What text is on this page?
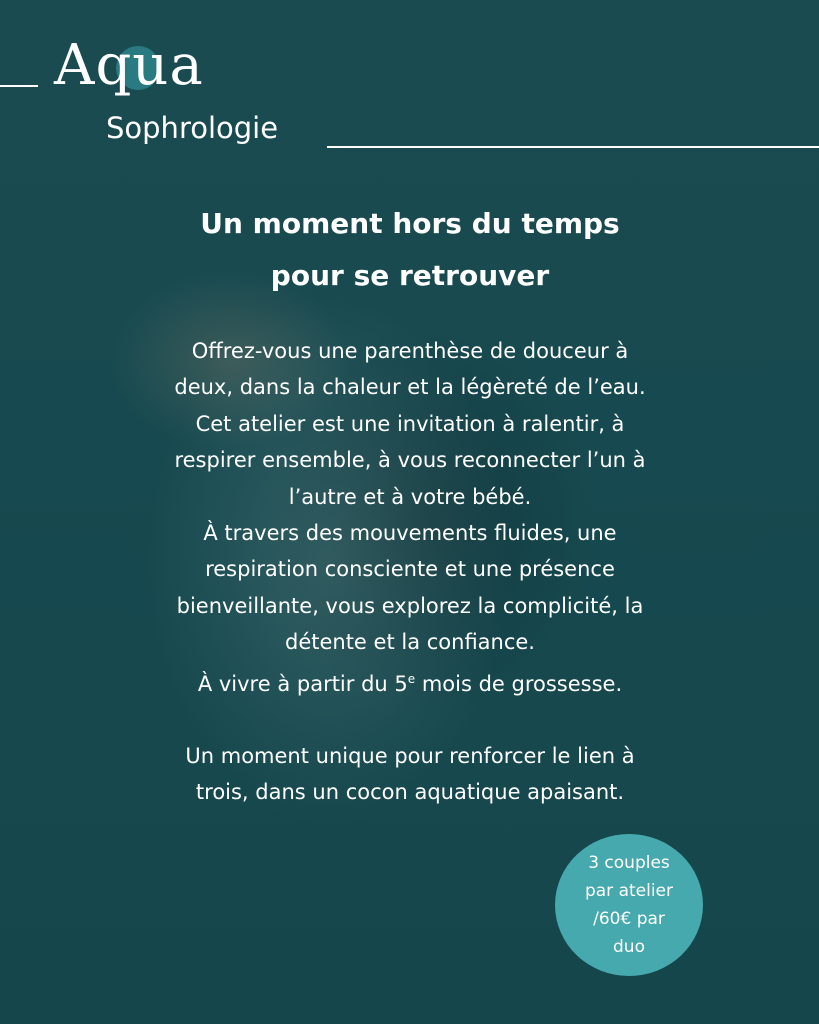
Aqua

Sophrologie

Un moment hors du temps
pour se retrouver
Offrez-vous une parenthèse de douceur à
deux, dans la chaleur et la légèreté de l’eau.
Cet atelier est une invitation à ralentir, à
respirer ensemble, à vous reconnecter l’un à
l’autre et à votre bébé.
À travers des mouvements fluides, une
respiration consciente et une présence
bienveillante, vous explorez la complicité, la
détente et la confiance.
À vivre à partir du 5e mois de grossesse.
Un moment unique pour renforcer le lien à
trois, dans un cocon aquatique apaisant.
3 couples
par atelier
/60€ par
duo
